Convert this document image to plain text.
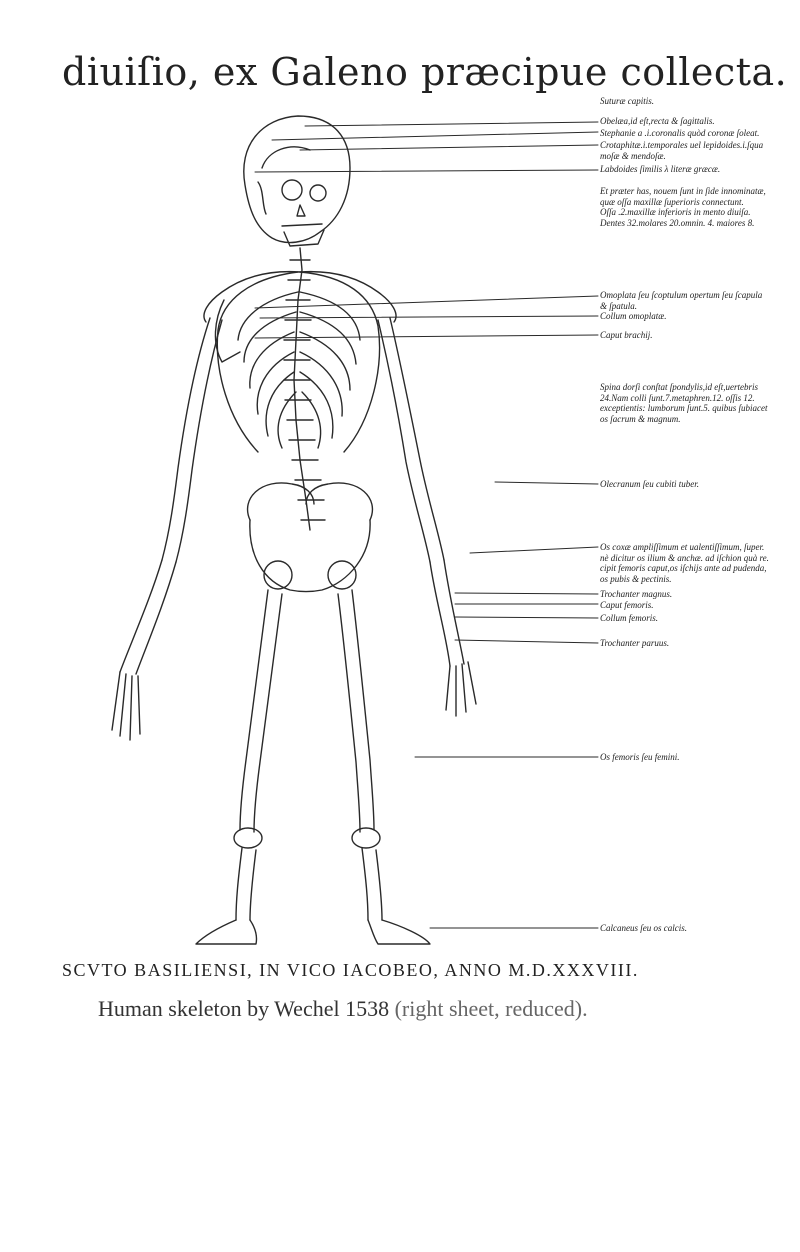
diuiſio, ex Galeno præcipue collecta.
Suturæ capitis.
Obelæa,id eſt,recta & ſagittalis.
Stephanie a .i.coronalis quòd coronæ ſoleat.
Crotaphitæ.i.temporales uel lepidoides.i.ſqua
moſæ & mendoſæ.
Labdoides ſimilis λ literæ græcæ.
Et præter has, nouem ſunt in ſide innominatæ,
quæ oſſa maxillæ ſuperioris connectunt.
Oſſa .2.maxillæ inferioris in mento diuiſa.
Dentes 32.molares 20.omnin. 4. maiores 8.
Omoplata ſeu ſcoptulum opertum ſeu ſcapula
& ſpatula.
Collum omoplatæ.
Caput brachij.
Spina dorſi conſtat ſpondylis,id eſt,uertebris
24.Nam colli ſunt.7.metaphren.12. oſſis 12.
exceptientis: lumborum ſunt.5. quibus ſubiacet
os ſacrum & magnum.
Olecranum ſeu cubiti tuber.
Os coxæ ampliſſimum et ualentiſſimum, ſuper.
nè dicitur os ilium & anchæ. ad iſchion quà re.
cipit femoris caput,os iſchijs ante ad pudenda,
os pubis & pectinis.
Trochanter magnus.
Caput femoris.
Collum femoris.
Trochanter paruus.
Os femoris ſeu femini.
Calcaneus ſeu os calcis.
SCVTO BASILIENSI, IN VICO IACOBEO, ANNO M.D.XXXVIII.
Human skeleton by Wechel 1538 (right sheet, reduced).
